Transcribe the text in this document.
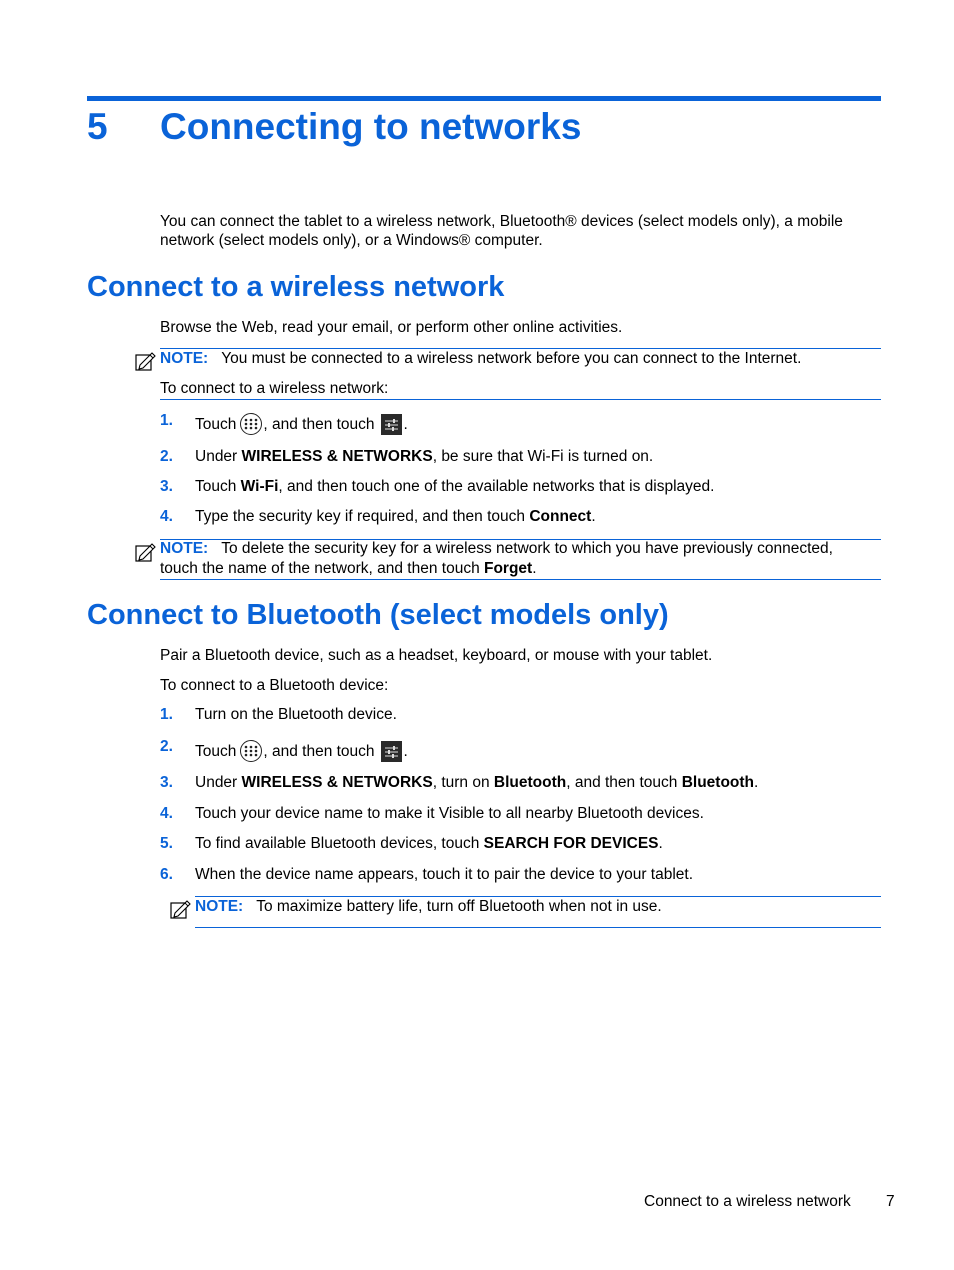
5 Connecting to networks
You can connect the tablet to a wireless network, Bluetooth® devices (select models only), a mobile network (select models only), or a Windows® computer.
Connect to a wireless network
Browse the Web, read your email, or perform other online activities.
NOTE: You must be connected to a wireless network before you can connect to the Internet.
To connect to a wireless network:
1. Touch , and then touch .
2. Under WIRELESS & NETWORKS, be sure that Wi-Fi is turned on.
3. Touch Wi-Fi, and then touch one of the available networks that is displayed.
4. Type the security key if required, and then touch Connect.
NOTE: To delete the security key for a wireless network to which you have previously connected,
touch the name of the network, and then touch Forget.
Connect to Bluetooth (select models only)
Pair a Bluetooth device, such as a headset, keyboard, or mouse with your tablet.
To connect to a Bluetooth device:
1. Turn on the Bluetooth device.
2. Touch , and then touch .
3. Under WIRELESS & NETWORKS, turn on Bluetooth, and then touch Bluetooth.
4. Touch your device name to make it Visible to all nearby Bluetooth devices.
5. To find available Bluetooth devices, touch SEARCH FOR DEVICES.
6. When the device name appears, touch it to pair the device to your tablet.
NOTE: To maximize battery life, turn off Bluetooth when not in use.
Connect to a wireless network 7
